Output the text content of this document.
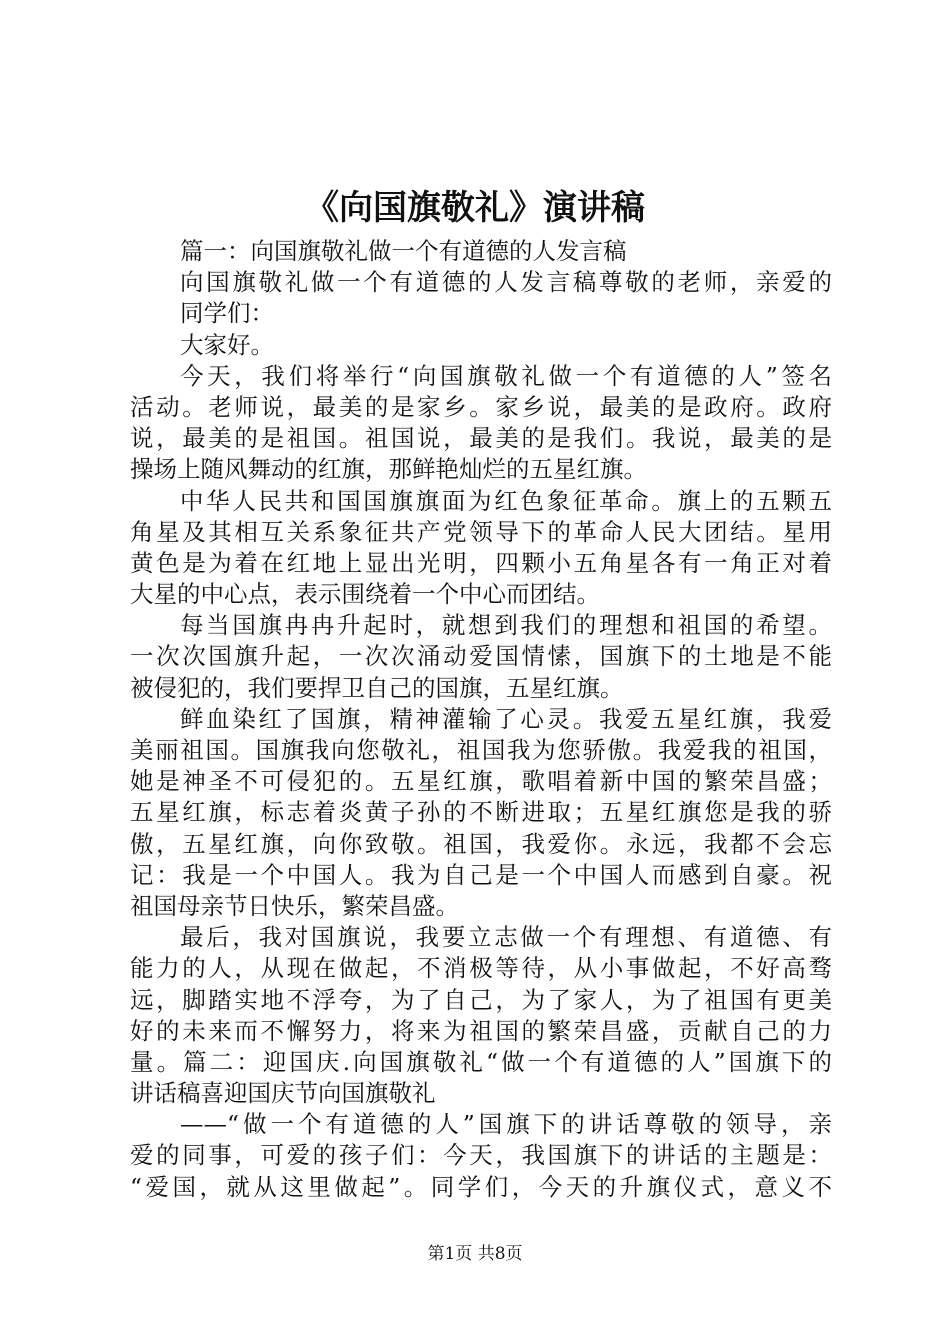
《向国旗敬礼》演讲稿
篇一：向国旗敬礼做一个有道德的人发言稿
向国旗敬礼做一个有道德的人发言稿尊敬的老师，亲爱的
同学们：
大家好。
今天，我们将举行“向国旗敬礼做一个有道德的人”签名
活动。老师说，最美的是家乡。家乡说，最美的是政府。政府
说，最美的是祖国。祖国说，最美的是我们。我说，最美的是
操场上随风舞动的红旗，那鲜艳灿烂的五星红旗。
中华人民共和国国旗旗面为红色象征革命。旗上的五颗五
角星及其相互关系象征共产党领导下的革命人民大团结。星用
黄色是为着在红地上显出光明，四颗小五角星各有一角正对着
大星的中心点，表示围绕着一个中心而团结。
每当国旗冉冉升起时，就想到我们的理想和祖国的希望。
一次次国旗升起，一次次涌动爱国情愫，国旗下的土地是不能
被侵犯的，我们要捍卫自己的国旗，五星红旗。
鲜血染红了国旗，精神灌输了心灵。我爱五星红旗，我爱
美丽祖国。国旗我向您敬礼，祖国我为您骄傲。我爱我的祖国，
她是神圣不可侵犯的。五星红旗，歌唱着新中国的繁荣昌盛；
五星红旗，标志着炎黄子孙的不断进取；五星红旗您是我的骄
傲，五星红旗，向你致敬。祖国，我爱你。永远，我都不会忘
记：我是一个中国人。我为自己是一个中国人而感到自豪。祝
祖国母亲节日快乐，繁荣昌盛。
最后，我对国旗说，我要立志做一个有理想、有道德、有
能力的人，从现在做起，不消极等待，从小事做起，不好高骛
远，脚踏实地不浮夸，为了自己，为了家人，为了祖国有更美
好的未来而不懈努力，将来为祖国的繁荣昌盛，贡献自己的力
量。篇二：迎国庆.向国旗敬礼“做一个有道德的人”国旗下的
讲话稿喜迎国庆节向国旗敬礼
——“做一个有道德的人”国旗下的讲话尊敬的领导，亲
爱的同事，可爱的孩子们：今天，我国旗下的讲话的主题是：
“爱国，就从这里做起”。同学们，今天的升旗仪式，意义不
第1页 共8页
